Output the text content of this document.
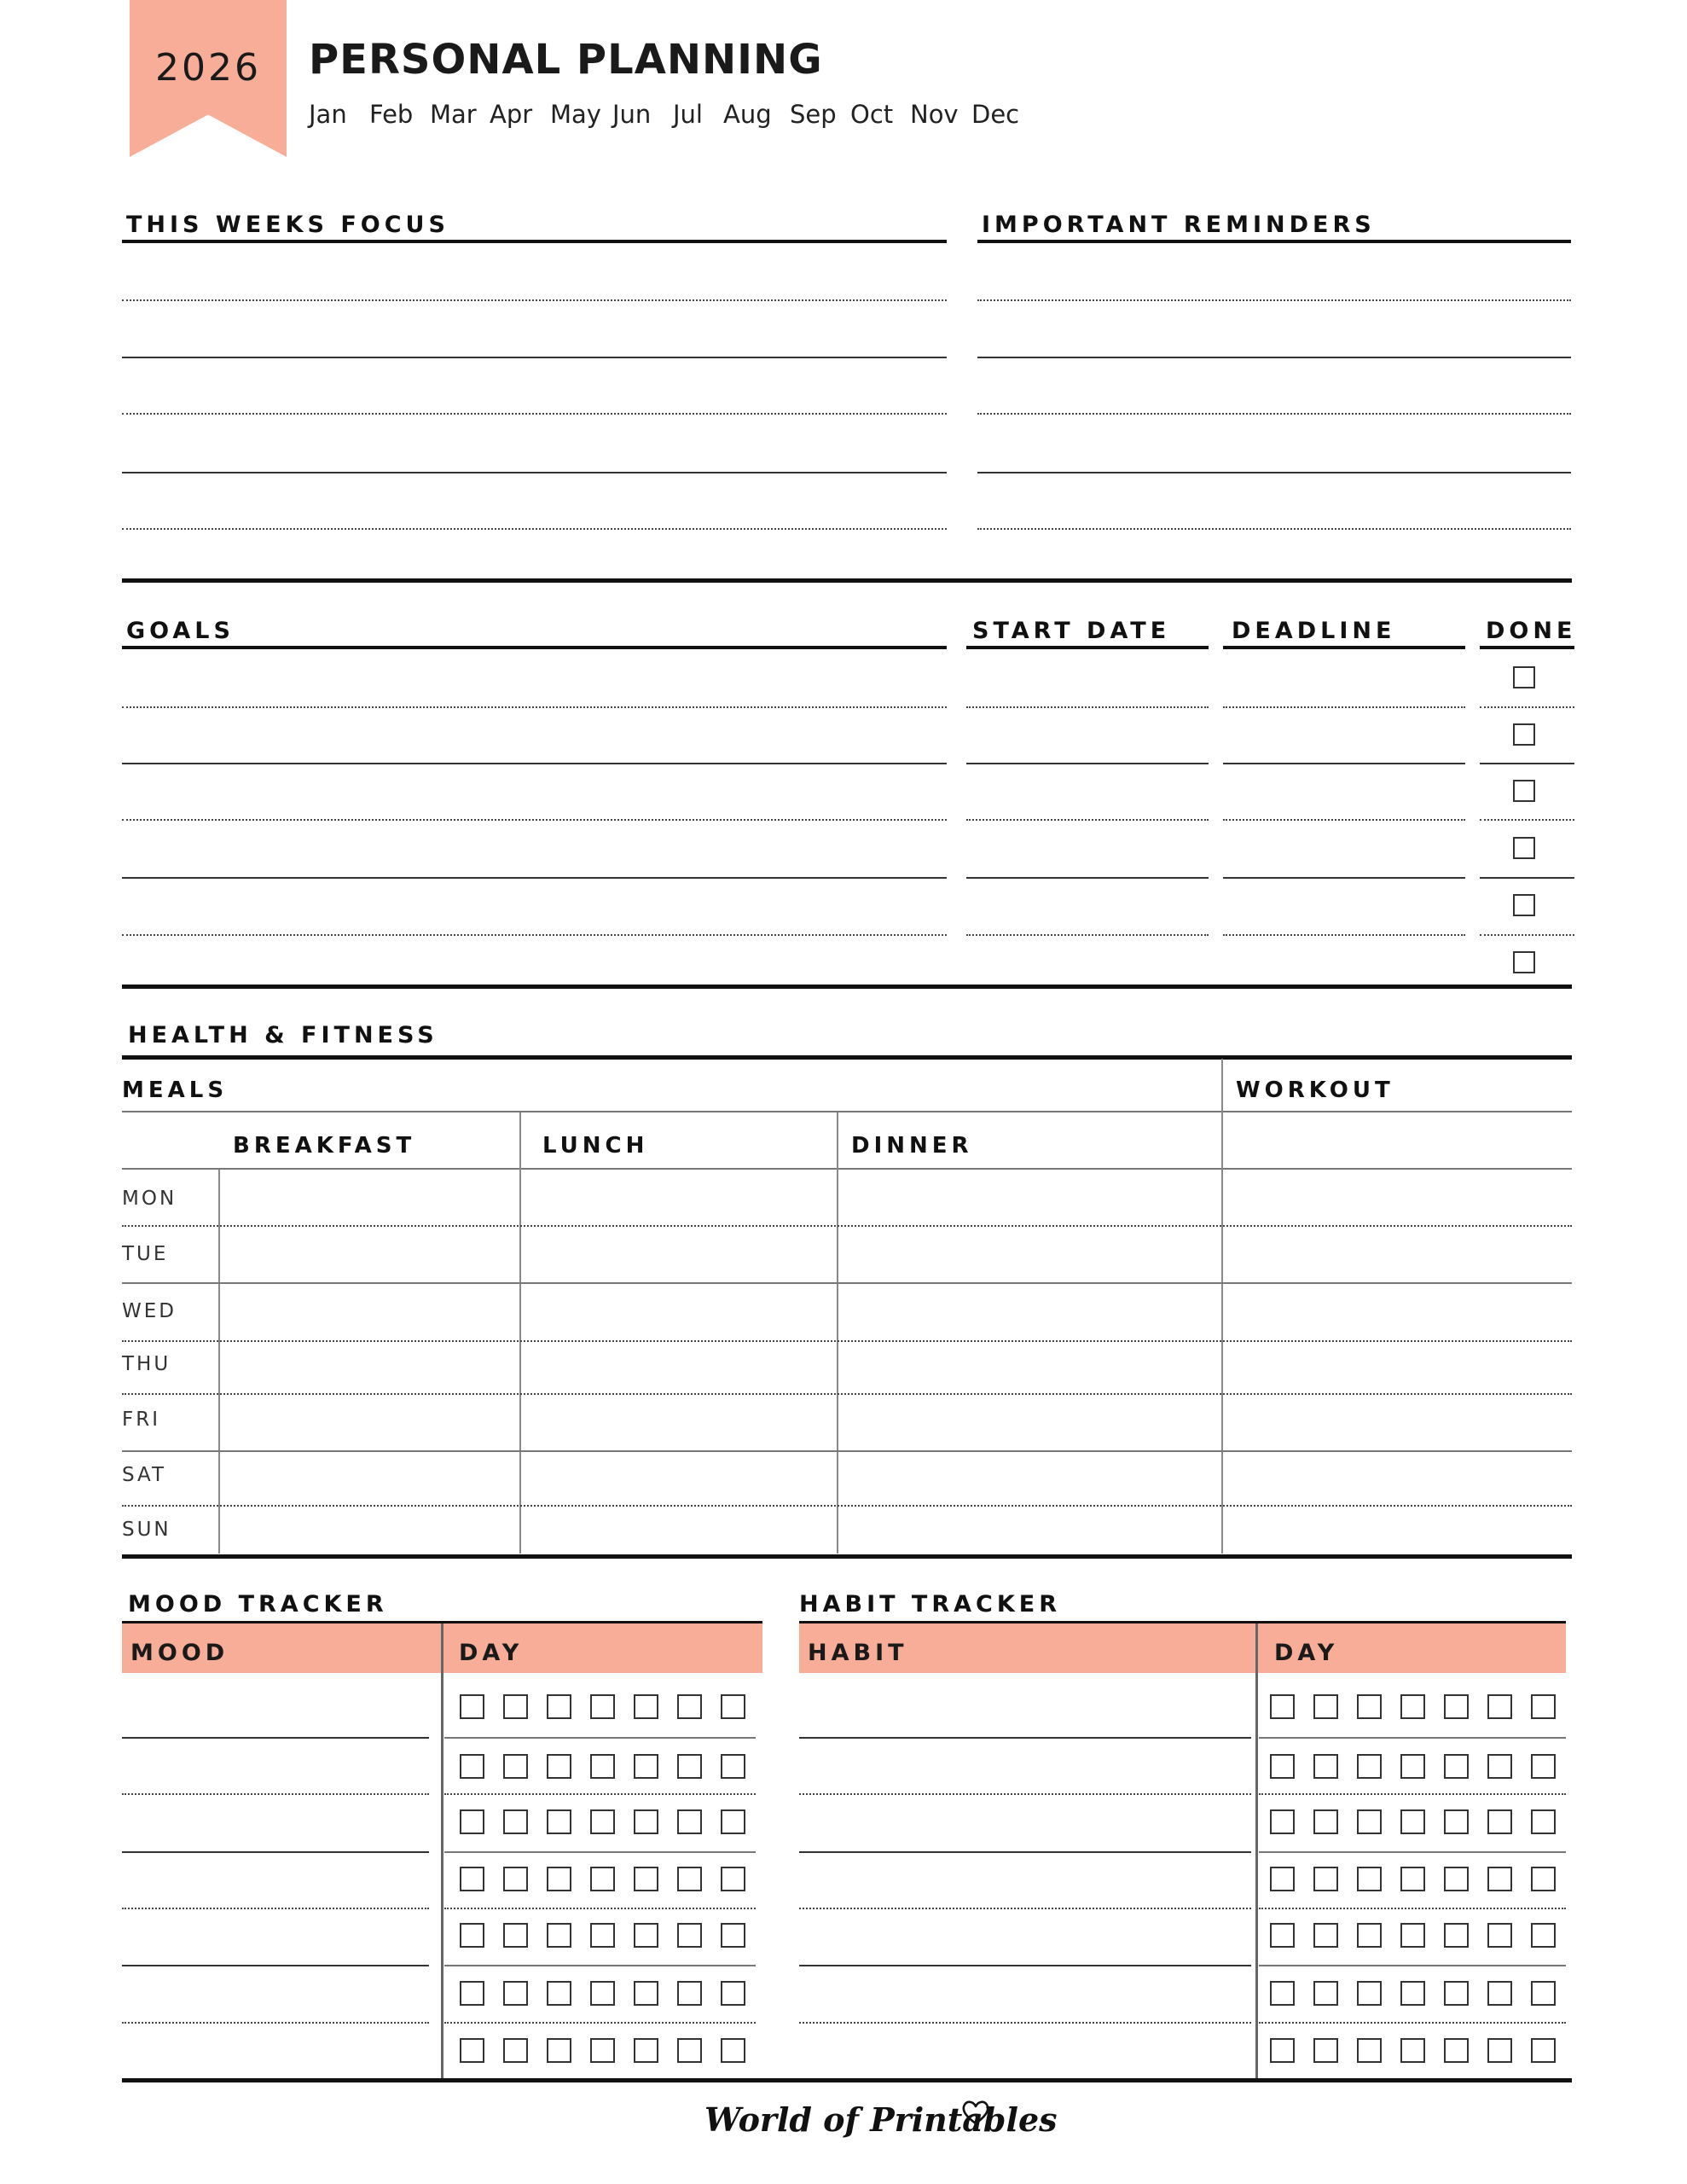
2026	PERSONAL PLANNING
Jan Feb Mar Apr May Jun Jul Aug Sep Oct Nov Dec
THIS WEEKS FOCUS	IMPORTANT REMINDERS
GOALS	START DATE	DEADLINE	DONE
HEALTH & FITNESS
MEALS	WORKOUT
BREAKFAST	LUNCH	DINNER
MON
TUE
WED
THU
FRI
SAT
SUN
MOOD TRACKER
MOOD	DAY
HABIT TRACKER
HABIT	DAY
World of Printables
